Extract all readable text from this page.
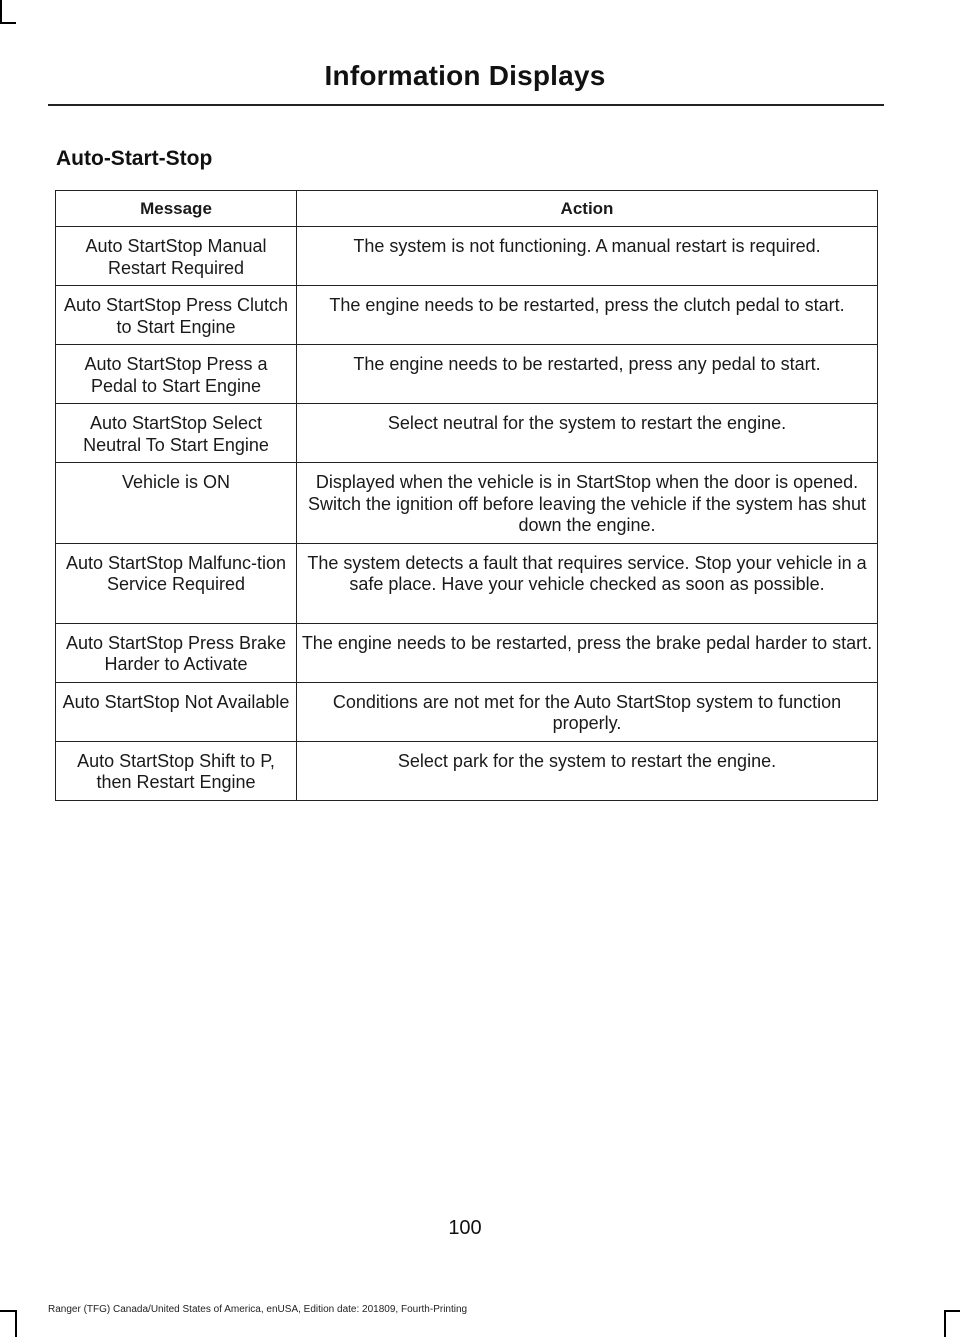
Information Displays
Auto-Start-Stop
Message	Action
Auto StartStop Manual Restart Required	The system is not functioning. A manual restart is required.
Auto StartStop Press Clutch to Start Engine	The engine needs to be restarted, press the clutch pedal to start.
Auto StartStop Press a Pedal to Start Engine	The engine needs to be restarted, press any pedal to start.
Auto StartStop Select Neutral To Start Engine	Select neutral for the system to restart the engine.
Vehicle is ON	Displayed when the vehicle is in StartStop when the door is opened. Switch the ignition off before leaving the vehicle if the system has shut down the engine.
Auto StartStop Malfunc-tion Service Required	The system detects a fault that requires service. Stop your vehicle in a safe place. Have your vehicle checked as soon as possible.
Auto StartStop Press Brake Harder to Activate	The engine needs to be restarted, press the brake pedal harder to start.
Auto StartStop Not Available	Conditions are not met for the Auto StartStop system to function properly.
Auto StartStop Shift to P, then Restart Engine	Select park for the system to restart the engine.
100
Ranger (TFG) Canada/United States of America, enUSA, Edition date: 201809, Fourth-Printing
